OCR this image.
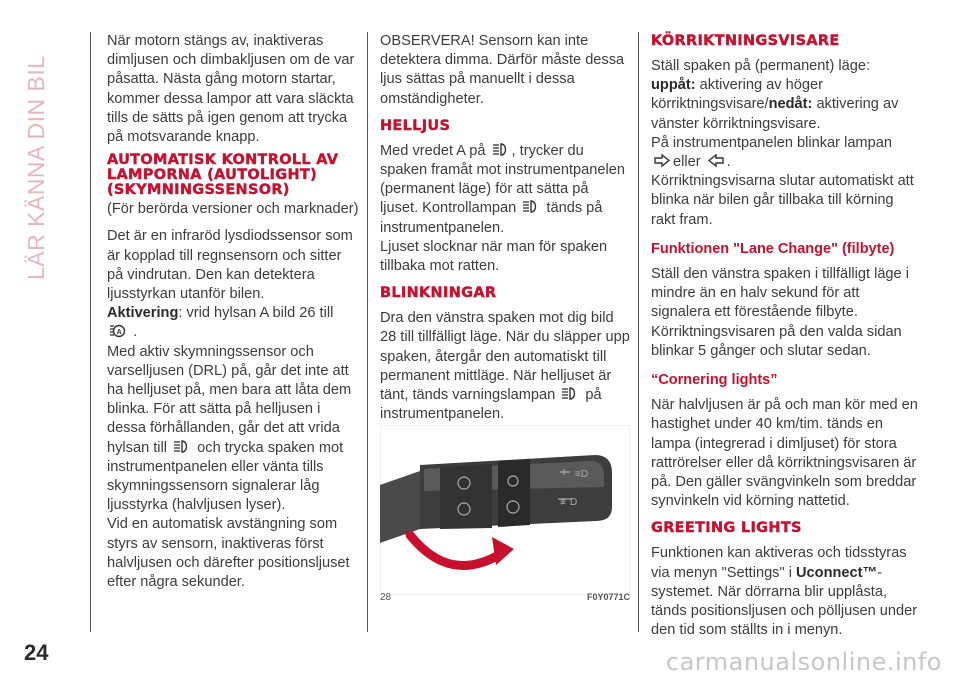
LÄR KÄNNA DIN BIL

När motorn stängs av, inaktiveras dimljusen och dimbakljusen om de var påsatta. Nästa gång motorn startar, kommer dessa lampor att vara släckta tills de sätts på igen genom att trycka på motsvarande knapp.

AUTOMATISK KONTROLL AV LAMPORNA (AUTOLIGHT) (SKYMNINGSSENSOR)

(För berörda versioner och marknader)

Det är en infraröd lysdiodssensor som är kopplad till regnsensorn och sitter på vindrutan. Den kan detektera ljusstyrkan utanför bilen.

Aktivering: vrid hylsan A bild 26 till

A .

Med aktiv skymningssensor och varselljusen (DRL) på, går det inte att ha helljuset på, men bara att låta dem blinka. För att sätta på helljusen i dessa förhållanden, går det att vrida hylsan till och trycka spaken mot instrumentpanelen eller vänta tills skymningssensorn signalerar låg ljusstyrka (halvljusen lyser).

Vid en automatisk avstängning som styrs av sensorn, inaktiveras först halvljusen och därefter positionsljuset efter några sekunder.

OBSERVERA! Sensorn kan inte detektera dimma. Därför måste dessa ljus sättas på manuellt i dessa omständigheter.

HELLJUS

Med vredet A på , trycker du spaken framåt mot instrumentpanelen (permanent läge) för att sätta på ljuset. Kontrollampan tänds på instrumentpanelen.

Ljuset slocknar när man för spaken tillbaka mot ratten.

BLINKNINGAR

Dra den vänstra spaken mot dig bild 28 till tillfälligt läge. När du släpper upp spaken, återgår den automatiskt till permanent mittläge. När helljuset är tänt, tänds varningslampan på instrumentpanelen.

≡D
≢D
28	F0Y0771C
KÖRRIKTNINGSVISARE

Ställ spaken på (permanent) läge:

uppåt: aktivering av höger körriktningsvisare/nedåt: aktivering av vänster körriktningsvisare.

På instrumentpanelen blinkar lampan
eller .

Körriktningsvisarna slutar automatiskt att blinka när bilen går tillbaka till körning rakt fram.

Funktionen "Lane Change" (filbyte)

Ställ den vänstra spaken i tillfälligt läge i mindre än en halv sekund för att signalera ett förestående filbyte. Körriktningsvisaren på den valda sidan blinkar 5 gånger och slutar sedan.

“Cornering lights”

När halvljusen är på och man kör med en hastighet under 40 km/tim. tänds en lampa (integrerad i dimljuset) för stora rattrörelser eller då körriktningsvisaren är på. Den gäller svängvinkeln som breddar synvinkeln vid körning nattetid.

GREETING LIGHTS

Funktionen kan aktiveras och tidsstyras via menyn "Settings" i Uconnect™-systemet. När dörrarna blir upplåsta, tänds positionsljusen och pölljusen under den tid som ställts in i menyn.

24	carmanualsonline.info
